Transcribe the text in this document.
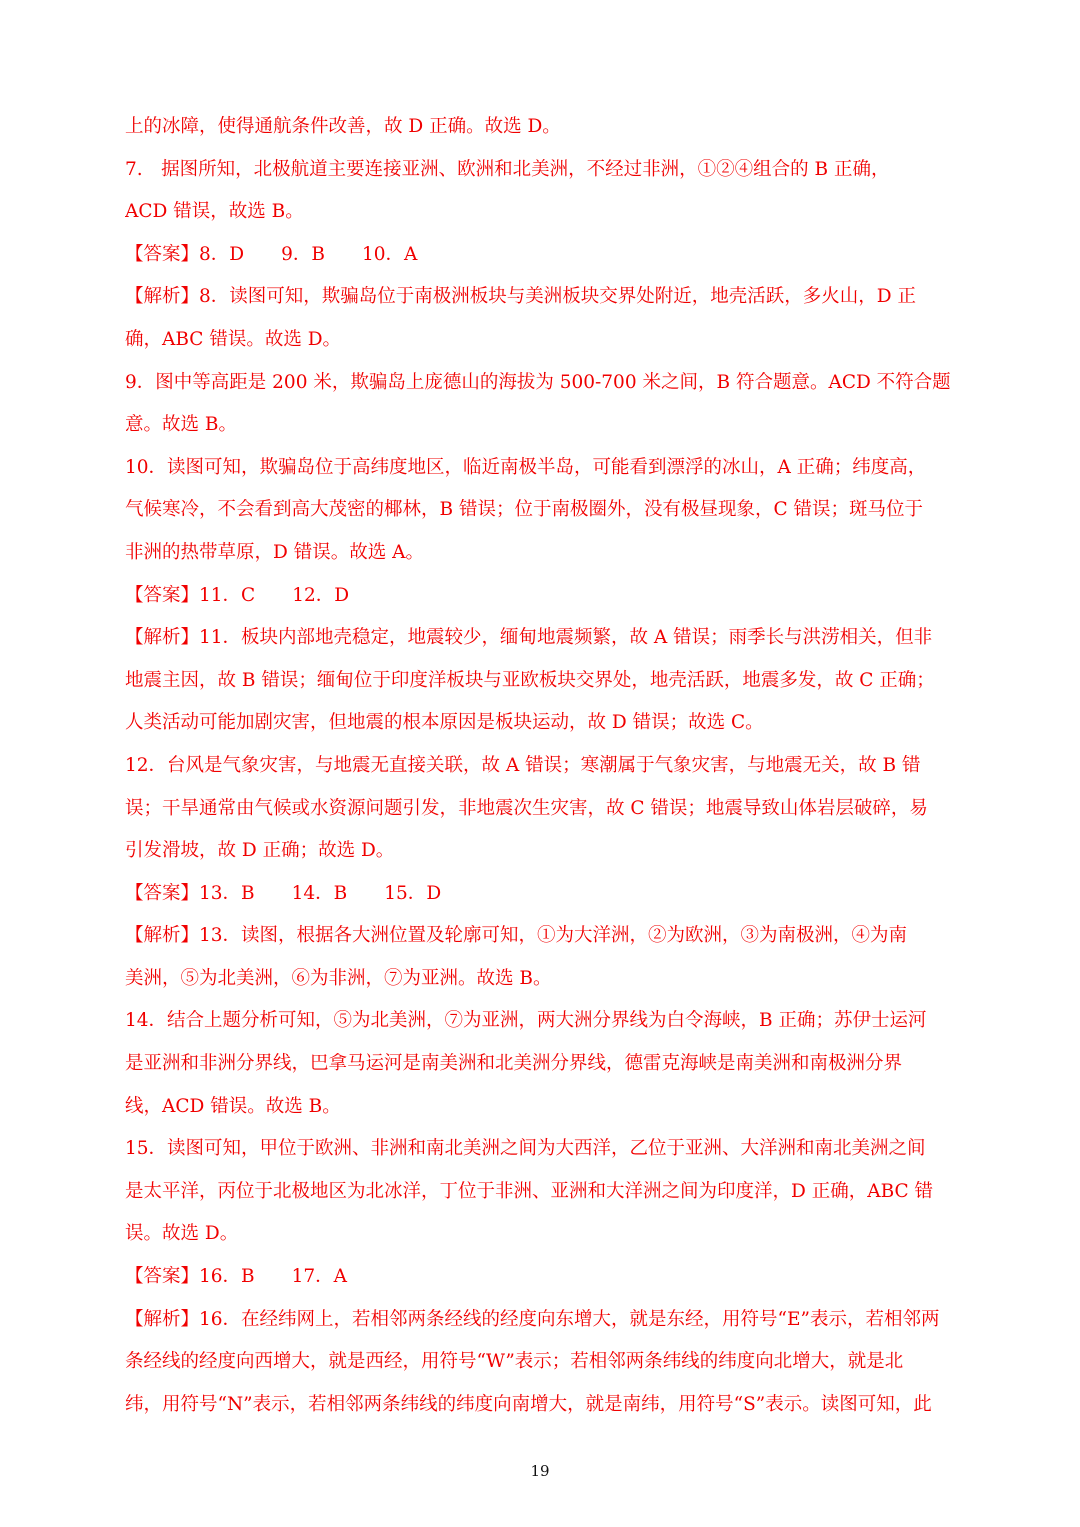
上的冰障，使得通航条件改善，故 D 正确。故选 D。
7.　据图所知，北极航道主要连接亚洲、欧洲和北美洲，不经过非洲，①②④组合的 B 正确，
ACD 错误，故选 B。
【答案】8．D　　9．B　　10．A
【解析】8．读图可知，欺骗岛位于南极洲板块与美洲板块交界处附近，地壳活跃，多火山，D 正
确，ABC 错误。故选 D。
9．图中等高距是 200 米，欺骗岛上庞德山的海拔为 500-700 米之间，B 符合题意。ACD 不符合题
意。故选 B。
10．读图可知，欺骗岛位于高纬度地区，临近南极半岛，可能看到漂浮的冰山，A 正确；纬度高，
气候寒冷，不会看到高大茂密的椰林，B 错误；位于南极圈外，没有极昼现象，C 错误；斑马位于
非洲的热带草原，D 错误。故选 A。
【答案】11．C　　12．D
【解析】11．板块内部地壳稳定，地震较少，缅甸地震频繁，故 A 错误；雨季长与洪涝相关，但非
地震主因，故 B 错误；缅甸位于印度洋板块与亚欧板块交界处，地壳活跃，地震多发，故 C 正确；
人类活动可能加剧灾害，但地震的根本原因是板块运动，故 D 错误；故选 C。
12．台风是气象灾害，与地震无直接关联，故 A 错误；寒潮属于气象灾害，与地震无关，故 B 错
误；干旱通常由气候或水资源问题引发，非地震次生灾害，故 C 错误；地震导致山体岩层破碎，易
引发滑坡，故 D 正确；故选 D。
【答案】13．B　　14．B　　15．D
【解析】13．读图，根据各大洲位置及轮廓可知，①为大洋洲，②为欧洲，③为南极洲，④为南
美洲，⑤为北美洲，⑥为非洲，⑦为亚洲。故选 B。
14．结合上题分析可知，⑤为北美洲，⑦为亚洲，两大洲分界线为白令海峡，B 正确；苏伊士运河
是亚洲和非洲分界线，巴拿马运河是南美洲和北美洲分界线，德雷克海峡是南美洲和南极洲分界
线，ACD 错误。故选 B。
15．读图可知，甲位于欧洲、非洲和南北美洲之间为大西洋，乙位于亚洲、大洋洲和南北美洲之间
是太平洋，丙位于北极地区为北冰洋，丁位于非洲、亚洲和大洋洲之间为印度洋，D 正确，ABC 错
误。故选 D。
【答案】16．B　　17．A
【解析】16．在经纬网上，若相邻两条经线的经度向东增大，就是东经，用符号“E”表示，若相邻两
条经线的经度向西增大，就是西经，用符号“W”表示；若相邻两条纬线的纬度向北增大，就是北
纬，用符号“N”表示，若相邻两条纬线的纬度向南增大，就是南纬，用符号“S”表示。读图可知，此
19
